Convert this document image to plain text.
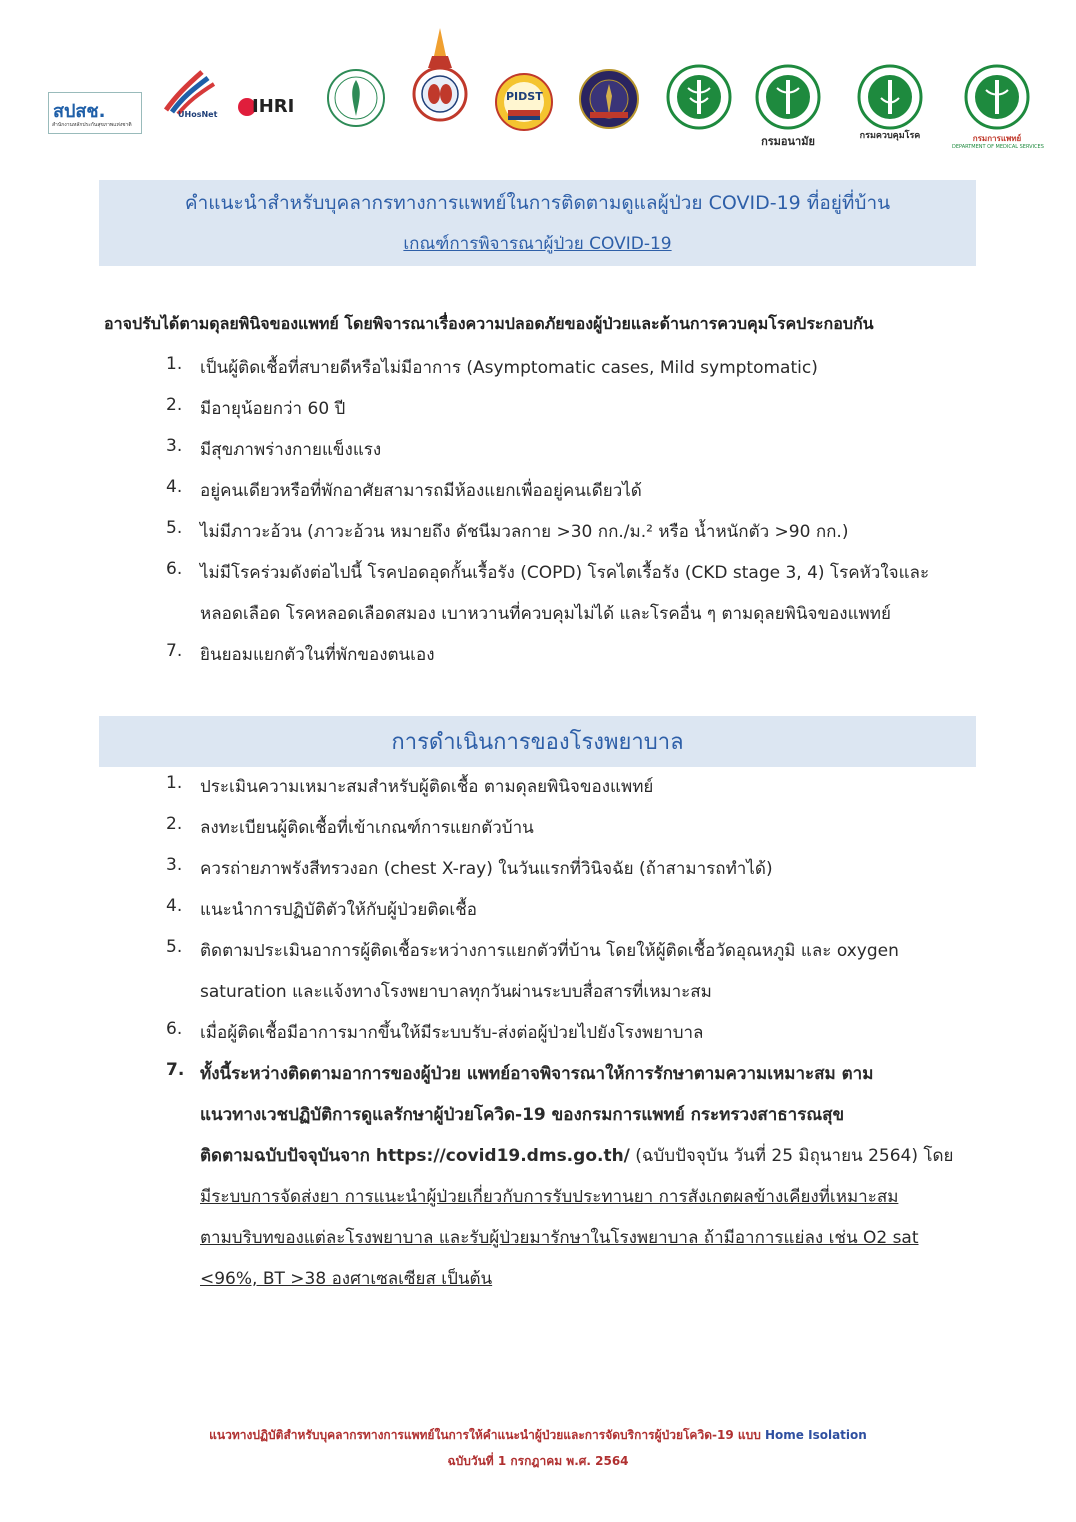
สปสช.
สำนักงานหลักประกันสุขภาพแห่งชาติ
UHosNet IHRI	PIDST
กรมอนามัย	กรมควบคุมโรค	กรมการแพทย์
DEPARTMENT OF MEDICAL SERVICES
คำแนะนำสำหรับบุคลากรทางการแพทย์ในการติดตามดูแลผู้ป่วย COVID-19 ที่อยู่ที่บ้าน
เกณฑ์การพิจารณาผู้ป่วย COVID-19
อาจปรับได้ตามดุลยพินิจของแพทย์ โดยพิจารณาเรื่องความปลอดภัยของผู้ป่วยและด้านการควบคุมโรคประกอบกัน
1.	เป็นผู้ติดเชื้อที่สบายดีหรือไม่มีอาการ (Asymptomatic cases, Mild symptomatic)
2.	มีอายุน้อยกว่า 60 ปี
3.	มีสุขภาพร่างกายแข็งแรง
4.	อยู่คนเดียวหรือที่พักอาศัยสามารถมีห้องแยกเพื่ออยู่คนเดียวได้
5.	ไม่มีภาวะอ้วน (ภาวะอ้วน หมายถึง ดัชนีมวลกาย >30 กก./ม.² หรือ น้ำหนักตัว >90 กก.)
6.	ไม่มีโรคร่วมดังต่อไปนี้ โรคปอดอุดกั้นเรื้อรัง (COPD) โรคไตเรื้อรัง (CKD stage 3, 4) โรคหัวใจและ
หลอดเลือด โรคหลอดเลือดสมอง เบาหวานที่ควบคุมไม่ได้ และโรคอื่น ๆ ตามดุลยพินิจของแพทย์
7.	ยินยอมแยกตัวในที่พักของตนเอง
การดำเนินการของโรงพยาบาล
1.	ประเมินความเหมาะสมสำหรับผู้ติดเชื้อ ตามดุลยพินิจของแพทย์
2.	ลงทะเบียนผู้ติดเชื้อที่เข้าเกณฑ์การแยกตัวบ้าน
3.	ควรถ่ายภาพรังสีทรวงอก (chest X-ray) ในวันแรกที่วินิจฉัย (ถ้าสามารถทำได้)
4.	แนะนำการปฏิบัติตัวให้กับผู้ป่วยติดเชื้อ
5.	ติดตามประเมินอาการผู้ติดเชื้อระหว่างการแยกตัวที่บ้าน โดยให้ผู้ติดเชื้อวัดอุณหภูมิ และ oxygen
saturation และแจ้งทางโรงพยาบาลทุกวันผ่านระบบสื่อสารที่เหมาะสม
6.	เมื่อผู้ติดเชื้อมีอาการมากขึ้นให้มีระบบรับ-ส่งต่อผู้ป่วยไปยังโรงพยาบาล
7. ทั้งนี้ระหว่างติดตามอาการของผู้ป่วย แพทย์อาจพิจารณาให้การรักษาตามความเหมาะสม ตาม
แนวทางเวชปฏิบัติการดูแลรักษาผู้ป่วยโควิด-19 ของกรมการแพทย์ กระทรวงสาธารณสุข
ติดตามฉบับปัจจุบันจาก https://covid19.dms.go.th/ (ฉบับปัจจุบัน วันที่ 25 มิถุนายน 2564) โดย
มีระบบการจัดส่งยา การแนะนำผู้ป่วยเกี่ยวกับการรับประทานยา การสังเกตผลข้างเคียงที่เหมาะสม
ตามบริบทของแต่ละโรงพยาบาล และรับผู้ป่วยมารักษาในโรงพยาบาล ถ้ามีอาการแย่ลง เช่น O2 sat
<96%, BT >38 องศาเซลเซียส เป็นต้น
แนวทางปฏิบัติสำหรับบุคลากรทางการแพทย์ในการให้คำแนะนำผู้ป่วยและการจัดบริการผู้ป่วยโควิด-19 แบบ Home Isolation
ฉบับวันที่ 1 กรกฎาคม พ.ศ. 2564
